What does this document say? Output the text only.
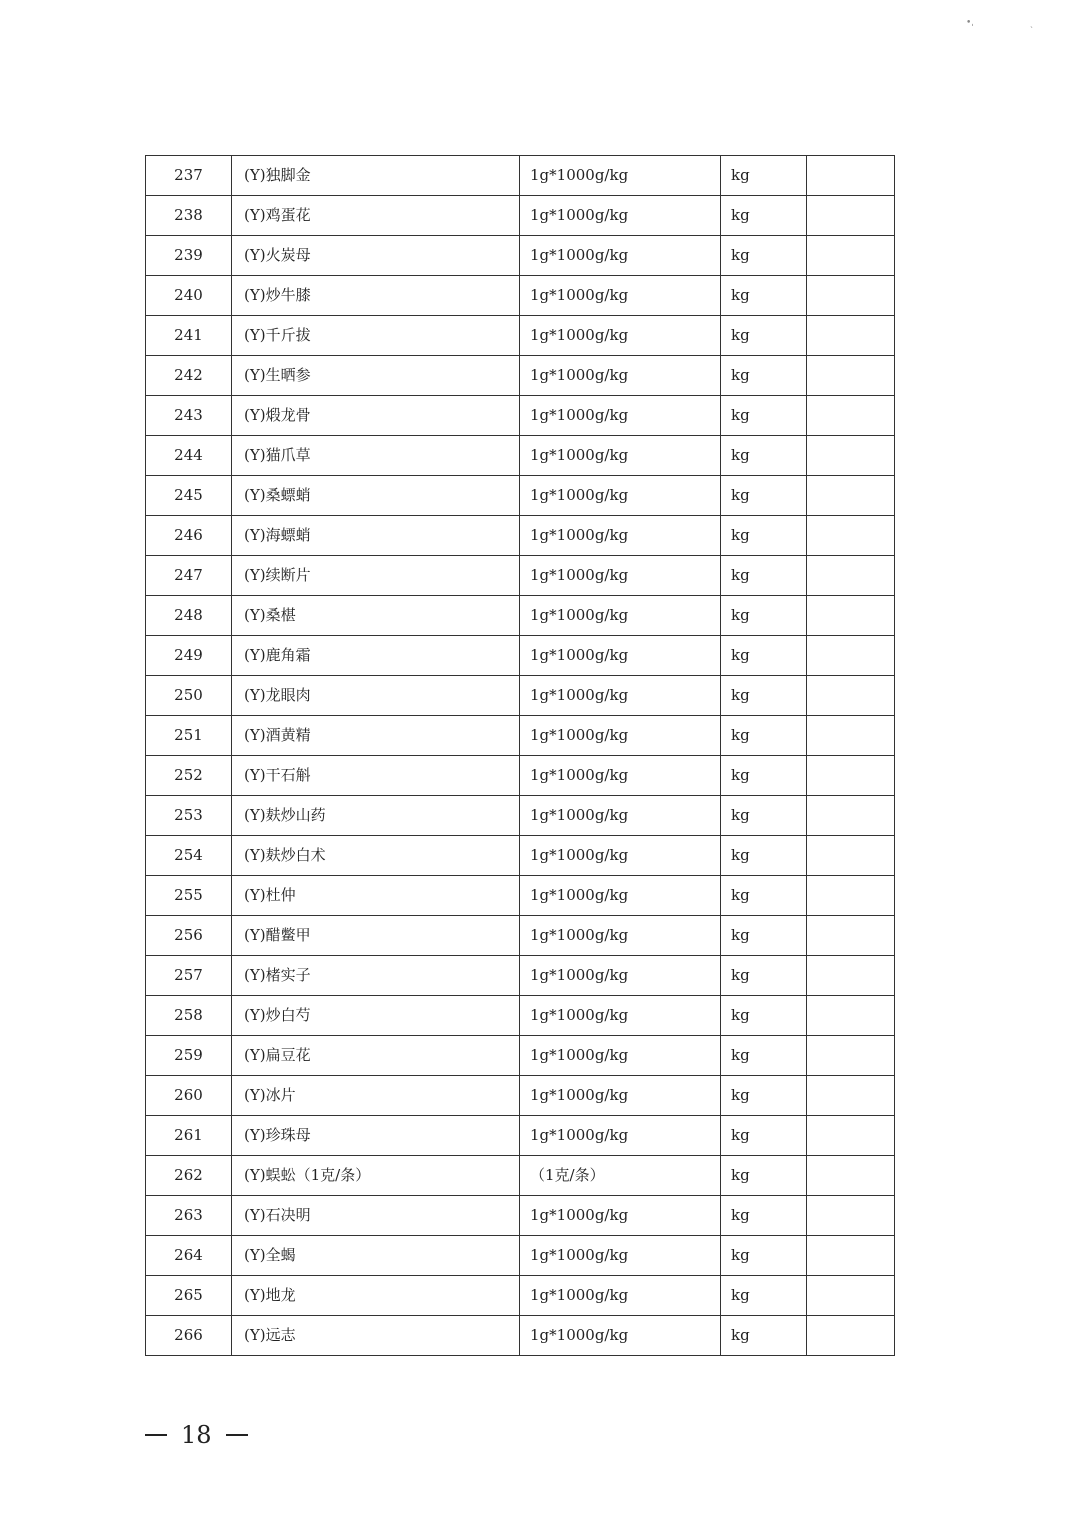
•ˌ	ˏ
237	(Y)独脚金	1g*1000g/kg	kg
238	(Y)鸡蛋花	1g*1000g/kg	kg
239	(Y)火炭母	1g*1000g/kg	kg
240	(Y)炒牛膝	1g*1000g/kg	kg
241	(Y)千斤拔	1g*1000g/kg	kg
242	(Y)生晒参	1g*1000g/kg	kg
243	(Y)煅龙骨	1g*1000g/kg	kg
244	(Y)猫爪草	1g*1000g/kg	kg
245	(Y)桑螵蛸	1g*1000g/kg	kg
246	(Y)海螵蛸	1g*1000g/kg	kg
247	(Y)续断片	1g*1000g/kg	kg
248	(Y)桑椹	1g*1000g/kg	kg
249	(Y)鹿角霜	1g*1000g/kg	kg
250	(Y)龙眼肉	1g*1000g/kg	kg
251	(Y)酒黄精	1g*1000g/kg	kg
252	(Y)干石斛	1g*1000g/kg	kg
253	(Y)麸炒山药	1g*1000g/kg	kg
254	(Y)麸炒白术	1g*1000g/kg	kg
255	(Y)杜仲	1g*1000g/kg	kg
256	(Y)醋鳖甲	1g*1000g/kg	kg
257	(Y)楮实子	1g*1000g/kg	kg
258	(Y)炒白芍	1g*1000g/kg	kg
259	(Y)扁豆花	1g*1000g/kg	kg
260	(Y)冰片	1g*1000g/kg	kg
261	(Y)珍珠母	1g*1000g/kg	kg
262	(Y)蜈蚣（1克/条）	（1克/条）	kg
263	(Y)石决明	1g*1000g/kg	kg
264	(Y)全蝎	1g*1000g/kg	kg
265	(Y)地龙	1g*1000g/kg	kg
266	(Y)远志	1g*1000g/kg	kg
18
